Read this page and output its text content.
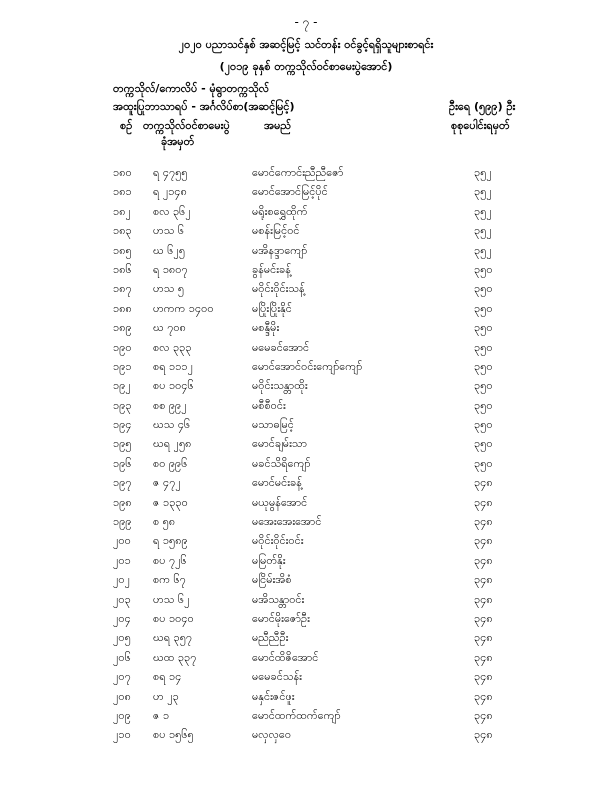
- ၇ -
၂၀၂၀ ပညာသင်နှစ် အဆင့်မြင့် သင်တန်း ဝင်ခွင့်ရရှိသူများစာရင်း
(၂၀၁၉ ခုနှစ် တက္ကသိုလ်ဝင်စာမေးပွဲအောင်)
တက္ကသိုလ်/ကောလိပ် - မုံရွာတက္ကသိုလ်
အထူးပြုဘာသာရပ် - အင်္ဂလိပ်စာ(အဆင့်မြင့်)	ဦးရေ (၅၉၉) ဦး
စဉ် တက္ကသိုလ်ဝင်စာမေးပွဲ
ခုံအမှတ်
အမည်	စုစုပေါင်းရမှတ်
၁၈၀ ရ ၄၇၅၅	မောင်ကောင်းညီညီဇော်	၃၅၂
၁၈၁ ရ ၂၁၄၈	မောင်အောင်မြင့်ပိုင်	၃၅၂
၁၈၂ စလ ၃၆၂	မရိုးစရွှေထိုက်	၃၅၂
၁၈၃ ဟသ ၆	မစန်းမြင့်ဝင်	၃၅၂
၁၈၅ ဃ ၆၂၅	မအိနဒ္ဒာကျော်	၃၅၂
၁၈၆ ရ ၁၈၀၇	ခွန်မင်းခန့်	၃၅၀
၁၈၇ ဟသ ၅	မဝိုင်းဝိုင်းသန့်	၃၅၀
၁၈၈ ဟကက ၁၄၀၀	မပြိုးပြိုးနိုင်	၃၅၀
၁၈၉ ဃ ၇၀၈	မစန္ဒီမိုး	၃၅၀
၁၉၀ စလ ၃၃၃	မမေခင်အောင်	၃၅၀
၁၉၁ စရ ၁၁၁၂	မောင်အောင်ဝင်းကျော်ကျော်	၃၅၀
၁၉၂ စပ ၁၀၄၆	မဝိုင်းသန္တာထိုး	၃၅၀
၁၉၃ စစ ၉၉၂	မစီစီဝင်း	၃၅၀
၁၉၄ ဃသ ၄၆	မသာဓမြင့်	၃၅၀
၁၉၅ ဃရ ၂၅၈	မောင်ချမ်းသာ	၃၅၀
၁၉၆ စဝ ၉၉၆	မခင်သိရိကျော်	၃၅၀
၁၉၇ ဇ ၄၇၂	မောင်မင်းခန့်	၃၄၈
၁၉၈ ဇ ၁၃၃၀	မယုမွန်အောင်	၃၄၈
၁၉၉ စ ၅၈	မအေးအေးအောင်	၃၄၈
၂၀၀ ရ ၁၅၈၉	မဝိုင်းဝိုင်းဝင်း	၃၄၈
၂၀၁ စပ ၇၂၆	မမြတ်နိုး	၃၄၈
၂၀၂ စက ၆၇	မငြိမ်းအိစံ	၃၄၈
၂၀၃ ဟသ ၆၂	မအိသန္တာဝင်း	၃၄၈
၂၀၄ စပ ၁၀၄၀	မောင်မိုးဇော်ဦး	၃၄၈
၂၀၅ ဃရ ၃၅၇	မညီညီဦး	၃၄၈
၂၀၆ ဃထ ၃၃၇	မောင်ထိဇိအောင်	၃၄၈
၂၀၇ စရ ၁၄	မမေခင်သန်း	၃၄၈
၂၀၈ ဟ ၂၃	မနှင်းဇင်ဖူး	၃၄၈
၂၀၉ ဇ ၁	မောင်ထက်ထက်ကျော်	၃၄၈
၂၁၀ စပ ၁၅၆၅	မလှလှဝေ	၃၄၈
